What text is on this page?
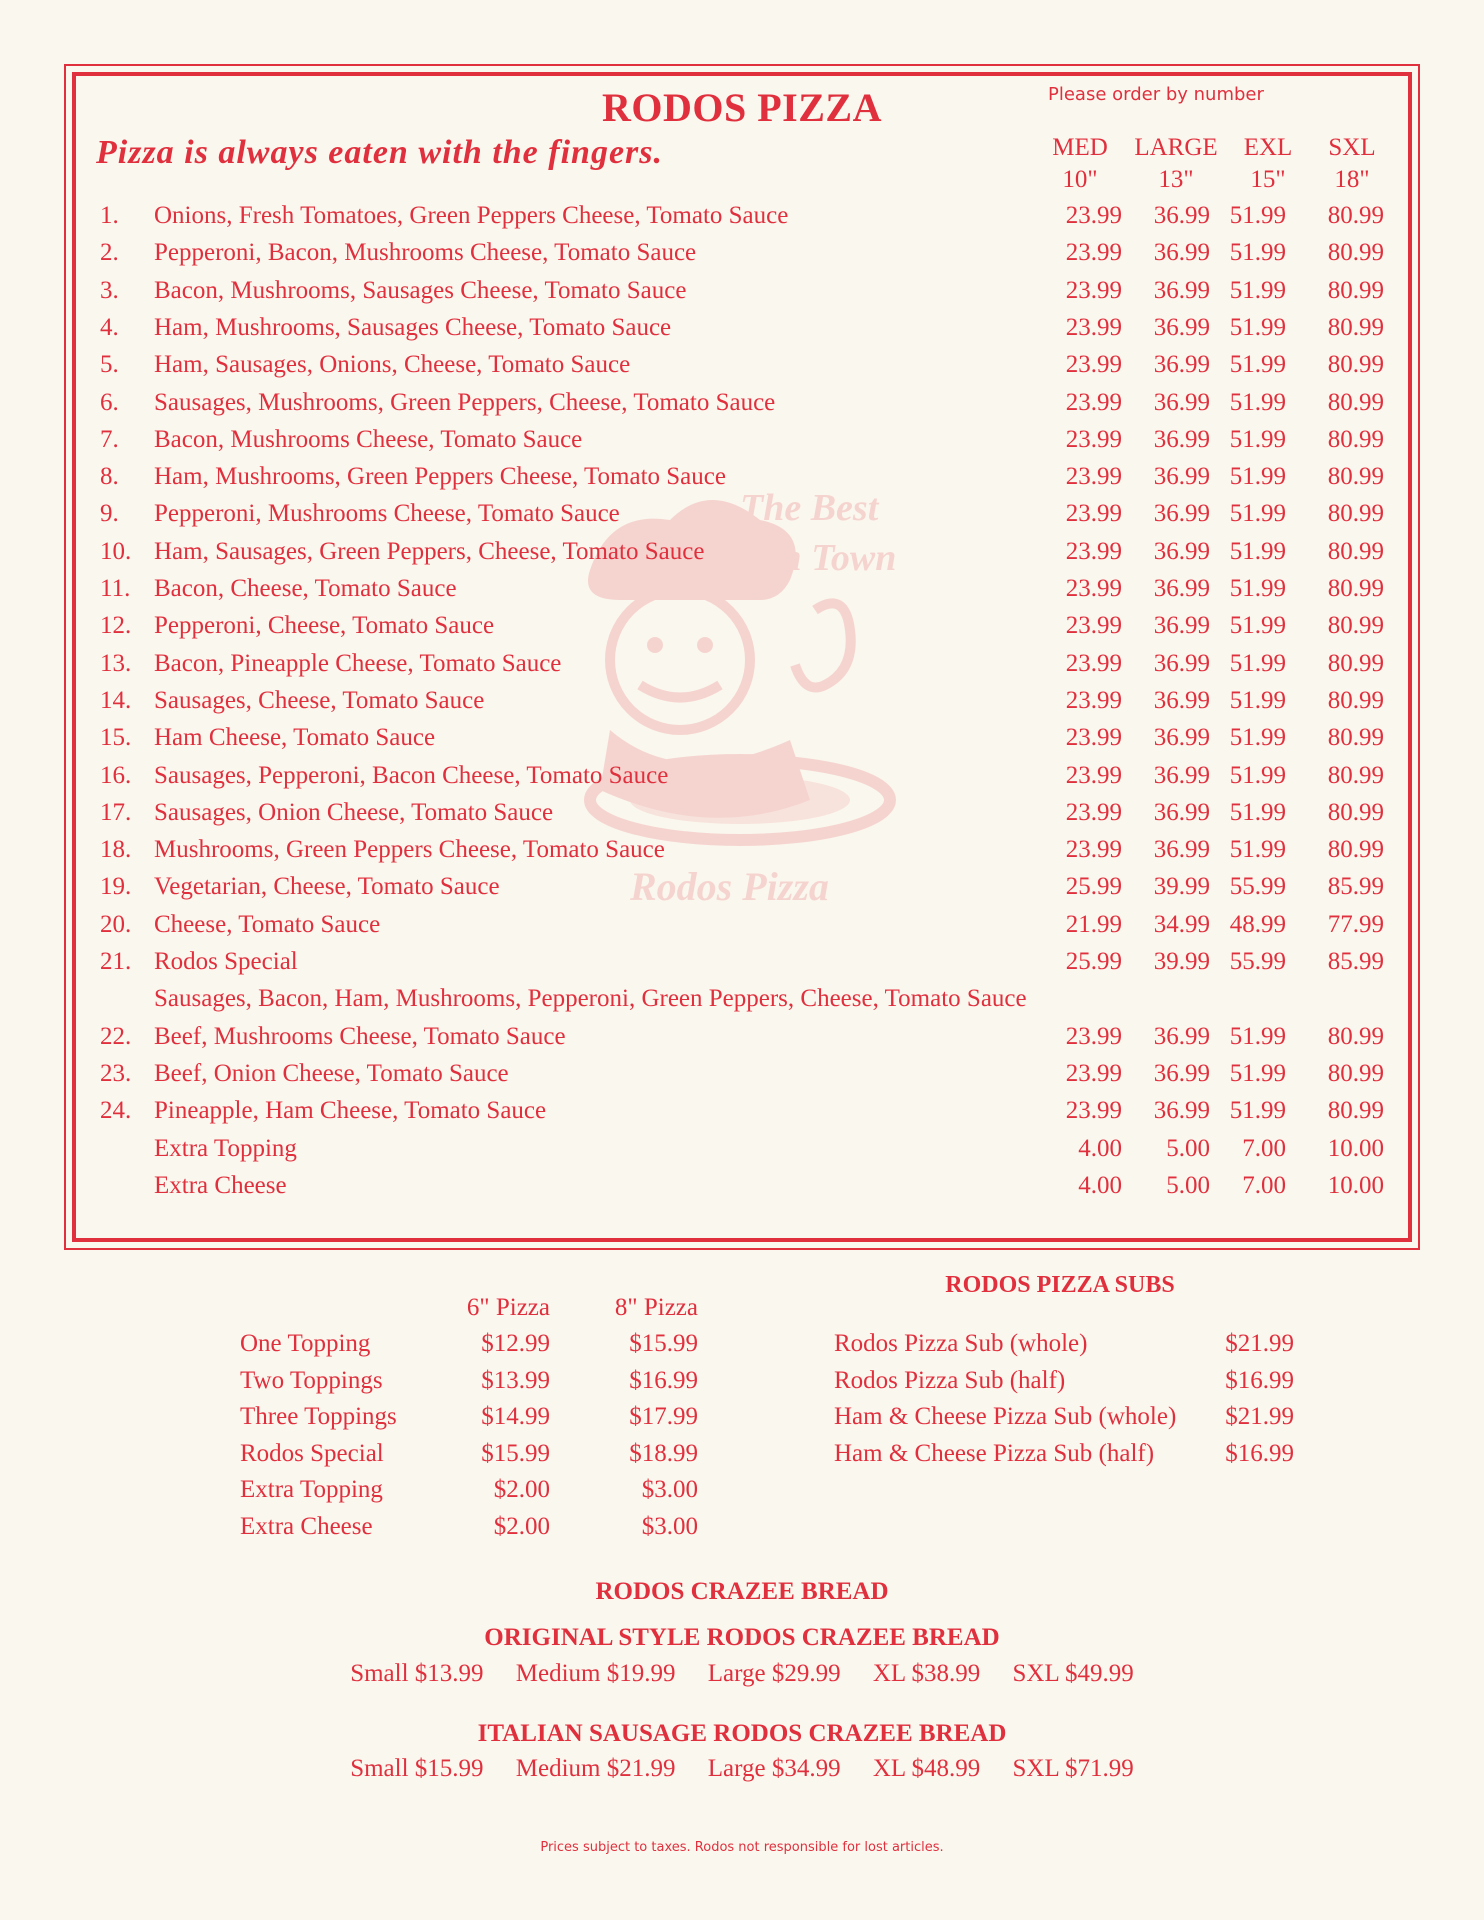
RODOS PIZZA
Pizza is always eaten with the fingers.
Please order by number
MED
10"
LARGE
13"
EXL
15"
SXL
18"
The Best
in Town
Rodos Pizza
1.	Onions, Fresh Tomatoes, Green Peppers Cheese, Tomato Sauce	23.99	36.99 51.99	80.99
2.	Pepperoni, Bacon, Mushrooms Cheese, Tomato Sauce	23.99	36.99 51.99	80.99
3.	Bacon, Mushrooms, Sausages Cheese, Tomato Sauce	23.99	36.99 51.99	80.99
4.	Ham, Mushrooms, Sausages Cheese, Tomato Sauce	23.99	36.99 51.99	80.99
5.	Ham, Sausages, Onions, Cheese, Tomato Sauce	23.99	36.99 51.99	80.99
6.	Sausages, Mushrooms, Green Peppers, Cheese, Tomato Sauce	23.99	36.99 51.99	80.99
7.	Bacon, Mushrooms Cheese, Tomato Sauce	23.99	36.99 51.99	80.99
8.	Ham, Mushrooms, Green Peppers Cheese, Tomato Sauce	23.99	36.99 51.99	80.99
9.	Pepperoni, Mushrooms Cheese, Tomato Sauce	23.99	36.99 51.99	80.99
10. Ham, Sausages, Green Peppers, Cheese, Tomato Sauce	23.99	36.99 51.99	80.99
11. Bacon, Cheese, Tomato Sauce	23.99	36.99 51.99	80.99
12. Pepperoni, Cheese, Tomato Sauce	23.99	36.99 51.99	80.99
13. Bacon, Pineapple Cheese, Tomato Sauce	23.99	36.99 51.99	80.99
14. Sausages, Cheese, Tomato Sauce	23.99	36.99 51.99	80.99
15. Ham Cheese, Tomato Sauce	23.99	36.99 51.99	80.99
16. Sausages, Pepperoni, Bacon Cheese, Tomato Sauce	23.99	36.99 51.99	80.99
17. Sausages, Onion Cheese, Tomato Sauce	23.99	36.99 51.99	80.99
18. Mushrooms, Green Peppers Cheese, Tomato Sauce	23.99	36.99 51.99	80.99
19. Vegetarian, Cheese, Tomato Sauce	25.99	39.99 55.99	85.99
20. Cheese, Tomato Sauce	21.99	34.99 48.99	77.99
21. Rodos Special	25.99	39.99 55.99	85.99
Sausages, Bacon, Ham, Mushrooms, Pepperoni, Green Peppers, Cheese, Tomato Sauce
22. Beef, Mushrooms Cheese, Tomato Sauce	23.99	36.99 51.99	80.99
23. Beef, Onion Cheese, Tomato Sauce	23.99	36.99 51.99	80.99
24. Pineapple, Ham Cheese, Tomato Sauce	23.99	36.99 51.99	80.99
Extra Topping	4.00	5.00	7.00	10.00
Extra Cheese	4.00	5.00	7.00	10.00
6" Pizza	8" Pizza
One Topping	$12.99	$15.99
Two Toppings	$13.99	$16.99
Three Toppings	$14.99	$17.99
Rodos Special	$15.99	$18.99
Extra Topping	$2.00	$3.00
Extra Cheese	$2.00	$3.00
RODOS PIZZA SUBS
Rodos Pizza Sub (whole)	$21.99
Rodos Pizza Sub (half)	$16.99
Ham & Cheese Pizza Sub (whole)	$21.99
Ham & Cheese Pizza Sub (half)	$16.99
RODOS CRAZEE BREAD
ORIGINAL STYLE RODOS CRAZEE BREAD
Small $13.99 Medium $19.99 Large $29.99 XL $38.99 SXL $49.99
ITALIAN SAUSAGE RODOS CRAZEE BREAD
Small $15.99 Medium $21.99 Large $34.99 XL $48.99 SXL $71.99
Prices subject to taxes. Rodos not responsible for lost articles.
